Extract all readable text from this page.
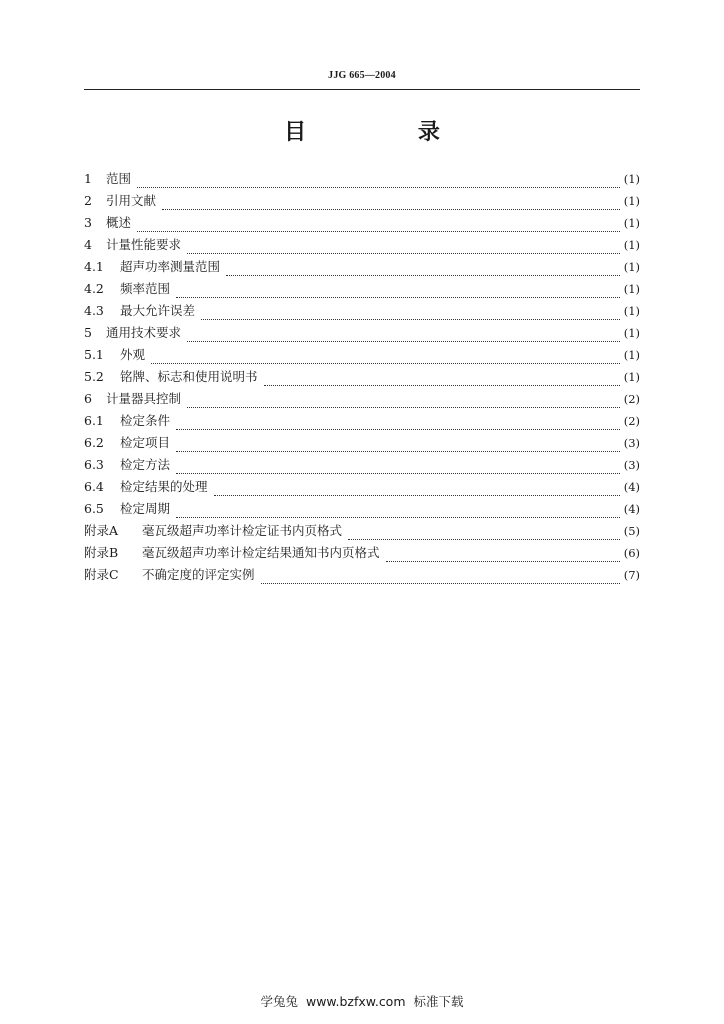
JJG 665—2004
目 录
1	范围	(1)
2	引用文献	(1)
3	概述	(1)
4	计量性能要求	(1)
4.1	超声功率测量范围	(1)
4.2	频率范围	(1)
4.3	最大允许误差	(1)
5	通用技术要求	(1)
5.1	外观	(1)
5.2	铭牌、标志和使用说明书	(1)
6	计量器具控制	(2)
6.1	检定条件	(2)
6.2	检定项目	(3)
6.3	检定方法	(3)
6.4	检定结果的处理	(4)
6.5	检定周期	(4)
附录A	毫瓦级超声功率计检定证书内页格式	(5)
附录B	毫瓦级超声功率计检定结果通知书内页格式	(6)
附录C	不确定度的评定实例	(7)
学兔兔 www.bzfxw.com 标准下载
